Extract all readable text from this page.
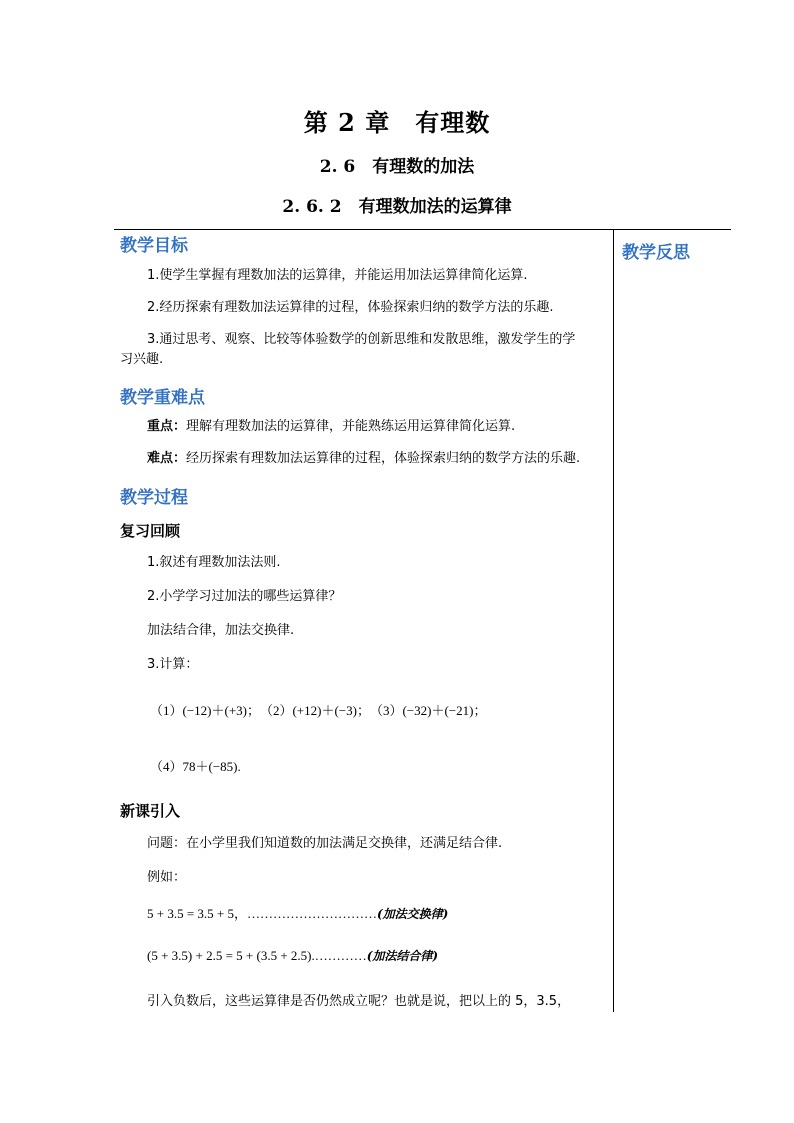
第 2 章　有理数
2. 6　有理数的加法
2. 6. 2　有理数加法的运算律
教学反思
教学目标
1.使学生掌握有理数加法的运算律，并能运用加法运算律简化运算.
2.经历探索有理数加法运算律的过程，体验探索归纳的数学方法的乐趣.
3.通过思考、观察、比较等体验数学的创新思维和发散思维，激发学生的学
习兴趣.
教学重难点
重点：理解有理数加法的运算律，并能熟练运用运算律简化运算.
难点：经历探索有理数加法运算律的过程，体验探索归纳的数学方法的乐趣.
教学过程
复习回顾
1.叙述有理数加法法则.
2.小学学习过加法的哪些运算律？
加法结合律，加法交换律.
3.计算：
（1）(−12)＋(+3)；　（2）(+12)＋(−3)；　（3）(−32)＋(−21)；
（4）78＋(−85).
新课引入
问题：在小学里我们知道数的加法满足交换律，还满足结合律.
例如：
5 + 3.5 = 3.5 + 5，…………………………(加法交换律)
(5 + 3.5) + 2.5 = 5 + (3.5 + 2.5).…………(加法结合律)
引入负数后，这些运算律是否仍然成立呢？也就是说，把以上的 5，3.5，
